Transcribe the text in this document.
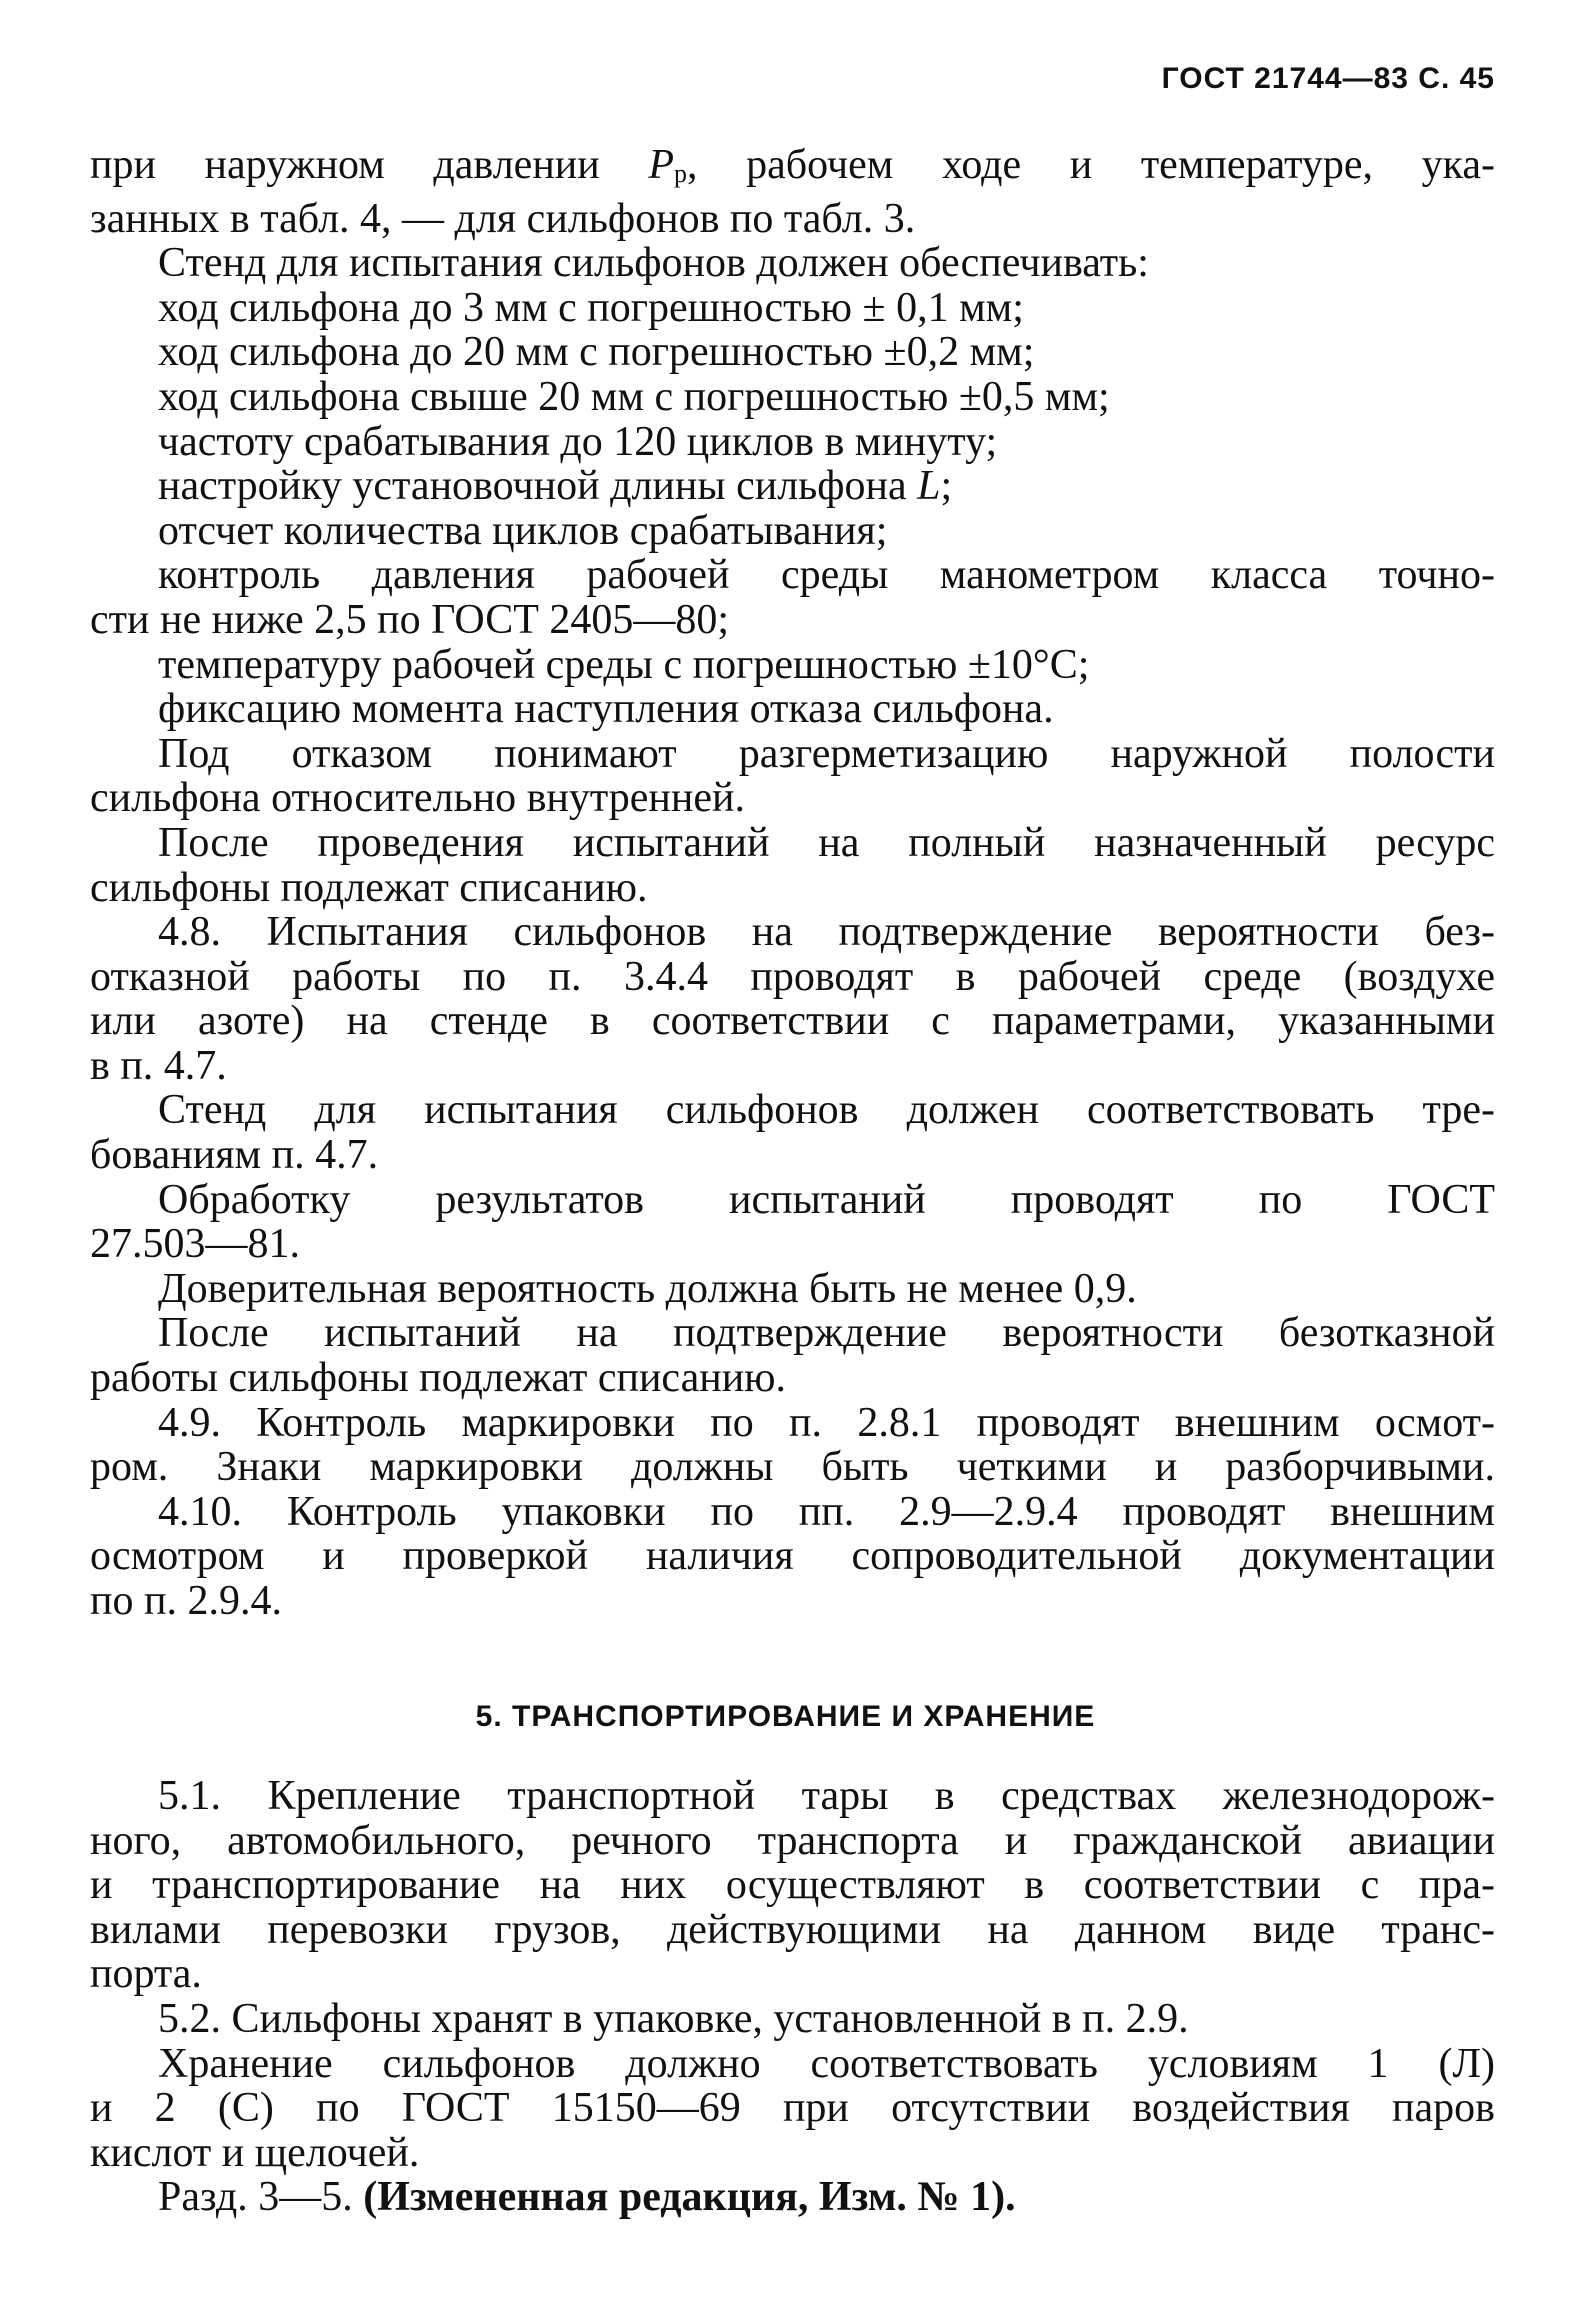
ГОСТ 21744—83 С. 45
при наружном давлении Pр, рабочем ходе и температуре, ука-
занных в табл. 4, — для сильфонов по табл. 3.
Стенд для испытания сильфонов должен обеспечивать:
ход сильфона до 3 мм с погрешностью ± 0,1 мм;
ход сильфона до 20 мм с погрешностью ±0,2 мм;
ход сильфона свыше 20 мм с погрешностью ±0,5 мм;
частоту срабатывания до 120 циклов в минуту;
настройку установочной длины сильфона L;
отсчет количества циклов срабатывания;
контроль давления рабочей среды манометром класса точно-
сти не ниже 2,5 по ГОСТ 2405—80;
температуру рабочей среды с погрешностью ±10°С;
фиксацию момента наступления отказа сильфона.
Под отказом понимают разгерметизацию наружной полости
сильфона относительно внутренней.
После проведения испытаний на полный назначенный ресурс
сильфоны подлежат списанию.
4.8. Испытания сильфонов на подтверждение вероятности без-
отказной работы по п. 3.4.4 проводят в рабочей среде (воздухе
или азоте) на стенде в соответствии с параметрами, указанными
в п. 4.7.
Стенд для испытания сильфонов должен соответствовать тре-
бованиям п. 4.7.
Обработку результатов испытаний проводят по ГОСТ
27.503—81.
Доверительная вероятность должна быть не менее 0,9.
После испытаний на подтверждение вероятности безотказной
работы сильфоны подлежат списанию.
4.9. Контроль маркировки по п. 2.8.1 проводят внешним осмот-
ром. Знаки маркировки должны быть четкими и разборчивыми.
4.10. Контроль упаковки по пп. 2.9—2.9.4 проводят внешним
осмотром и проверкой наличия сопроводительной документации
по п. 2.9.4.
5. ТРАНСПОРТИРОВАНИЕ И ХРАНЕНИЕ
5.1. Крепление транспортной тары в средствах железнодорож-
ного, автомобильного, речного транспорта и гражданской авиации
и транспортирование на них осуществляют в соответствии с пра-
вилами перевозки грузов, действующими на данном виде транс-
порта.
5.2. Сильфоны хранят в упаковке, установленной в п. 2.9.
Хранение сильфонов должно соответствовать условиям 1 (Л)
и 2 (С) по ГОСТ 15150—69 при отсутствии воздействия паров
кислот и щелочей.
Разд. 3—5. (Измененная редакция, Изм. № 1).
